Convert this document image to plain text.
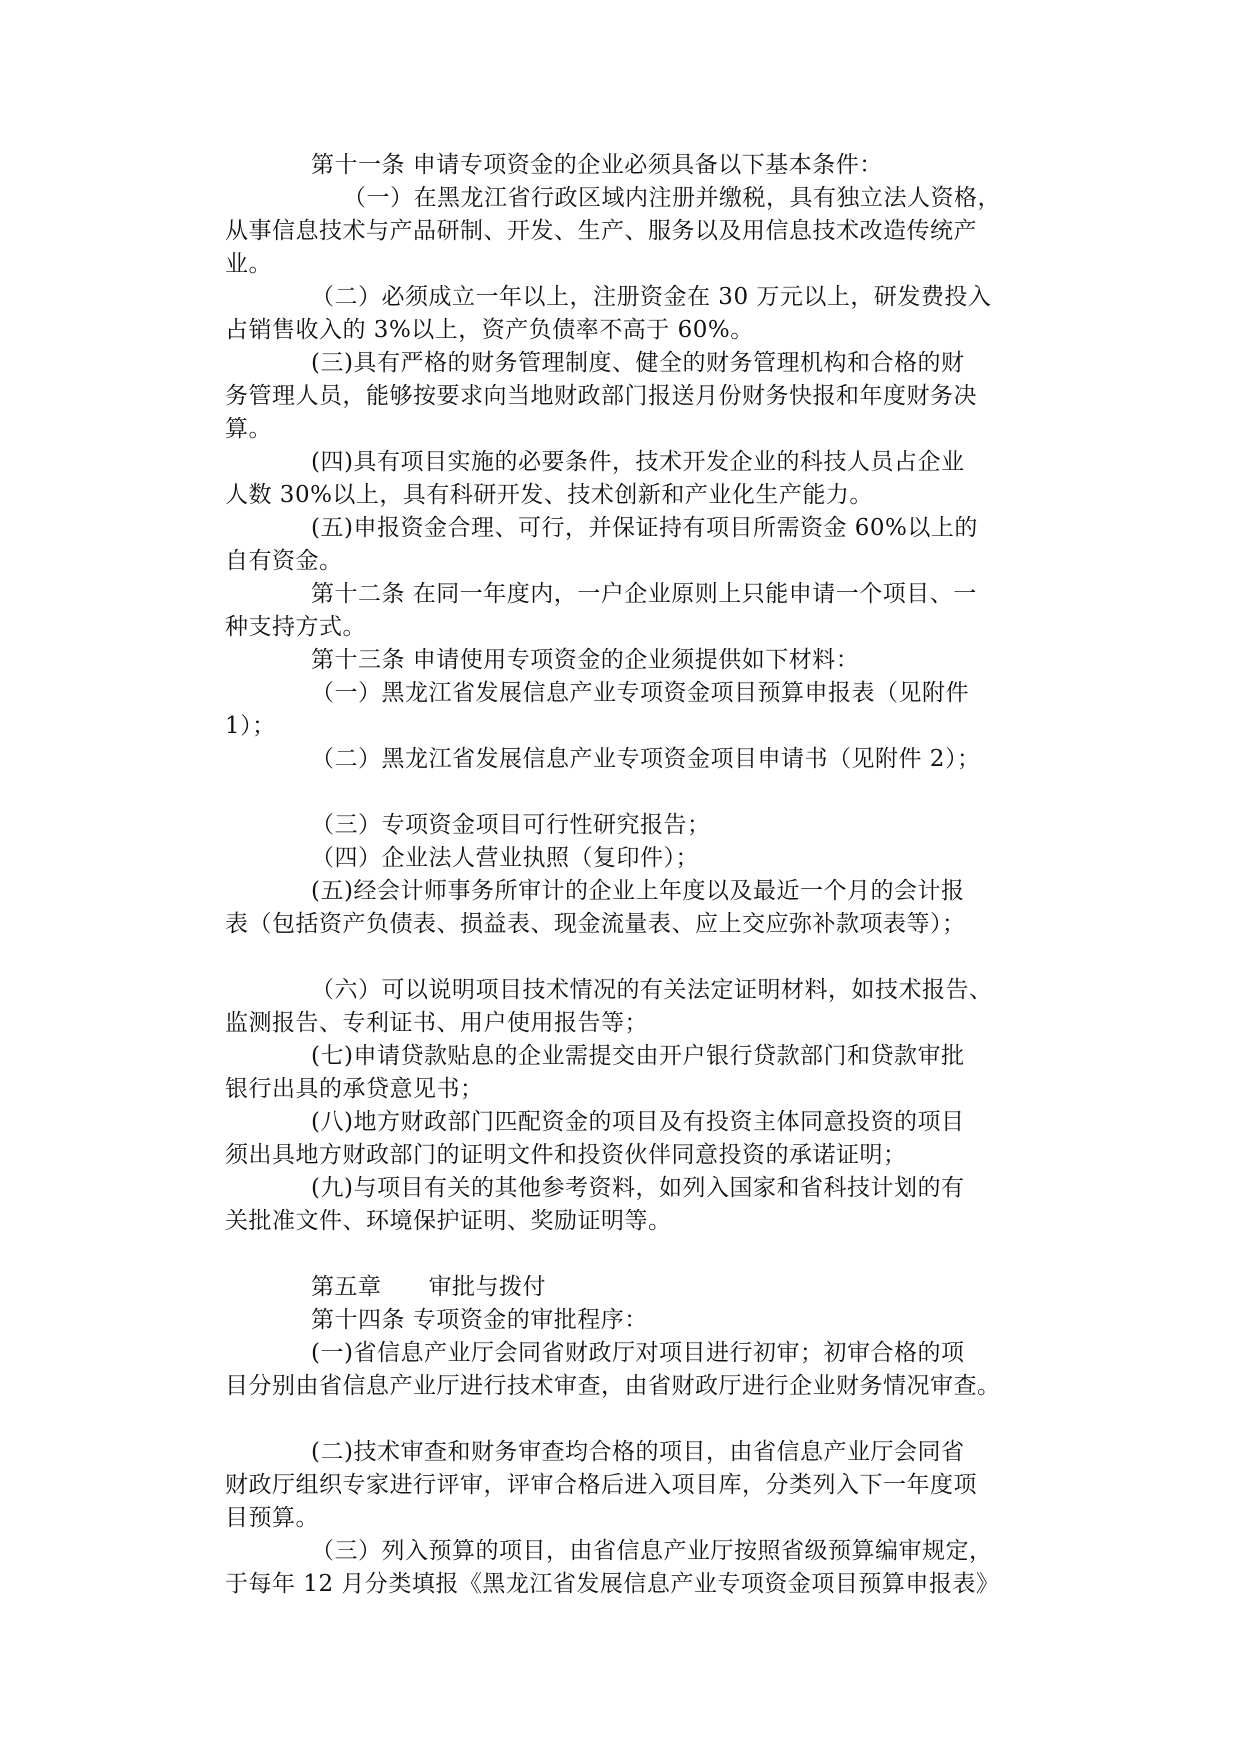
第十一条 申请专项资金的企业必须具备以下基本条件：
（一）在黑龙江省行政区域内注册并缴税，具有独立法人资格，
从事信息技术与产品研制、开发、生产、服务以及用信息技术改造传统产
业。
（二）必须成立一年以上，注册资金在 30 万元以上，研发费投入
占销售收入的 3%以上，资产负债率不高于 60%。
(三)具有严格的财务管理制度、健全的财务管理机构和合格的财
务管理人员，能够按要求向当地财政部门报送月份财务快报和年度财务决
算。
(四)具有项目实施的必要条件，技术开发企业的科技人员占企业
人数 30%以上，具有科研开发、技术创新和产业化生产能力。
(五)申报资金合理、可行，并保证持有项目所需资金 60%以上的
自有资金。
第十二条 在同一年度内，一户企业原则上只能申请一个项目、一
种支持方式。
第十三条 申请使用专项资金的企业须提供如下材料：
（一）黑龙江省发展信息产业专项资金项目预算申报表（见附件
1）；
（二）黑龙江省发展信息产业专项资金项目申请书（见附件 2）；
（三）专项资金项目可行性研究报告；
（四）企业法人营业执照（复印件）；
(五)经会计师事务所审计的企业上年度以及最近一个月的会计报
表（包括资产负债表、损益表、现金流量表、应上交应弥补款项表等）；
（六）可以说明项目技术情况的有关法定证明材料，如技术报告、
监测报告、专利证书、用户使用报告等；
(七)申请贷款贴息的企业需提交由开户银行贷款部门和贷款审批
银行出具的承贷意见书；
(八)地方财政部门匹配资金的项目及有投资主体同意投资的项目
须出具地方财政部门的证明文件和投资伙伴同意投资的承诺证明；
(九)与项目有关的其他参考资料，如列入国家和省科技计划的有
关批准文件、环境保护证明、奖励证明等。
第五章　　审批与拨付
第十四条 专项资金的审批程序：
(一)省信息产业厅会同省财政厅对项目进行初审；初审合格的项
目分别由省信息产业厅进行技术审查，由省财政厅进行企业财务情况审查。
(二)技术审查和财务审查均合格的项目，由省信息产业厅会同省
财政厅组织专家进行评审，评审合格后进入项目库，分类列入下一年度项
目预算。
（三）列入预算的项目，由省信息产业厅按照省级预算编审规定，
于每年 12 月分类填报《黑龙江省发展信息产业专项资金项目预算申报表》
